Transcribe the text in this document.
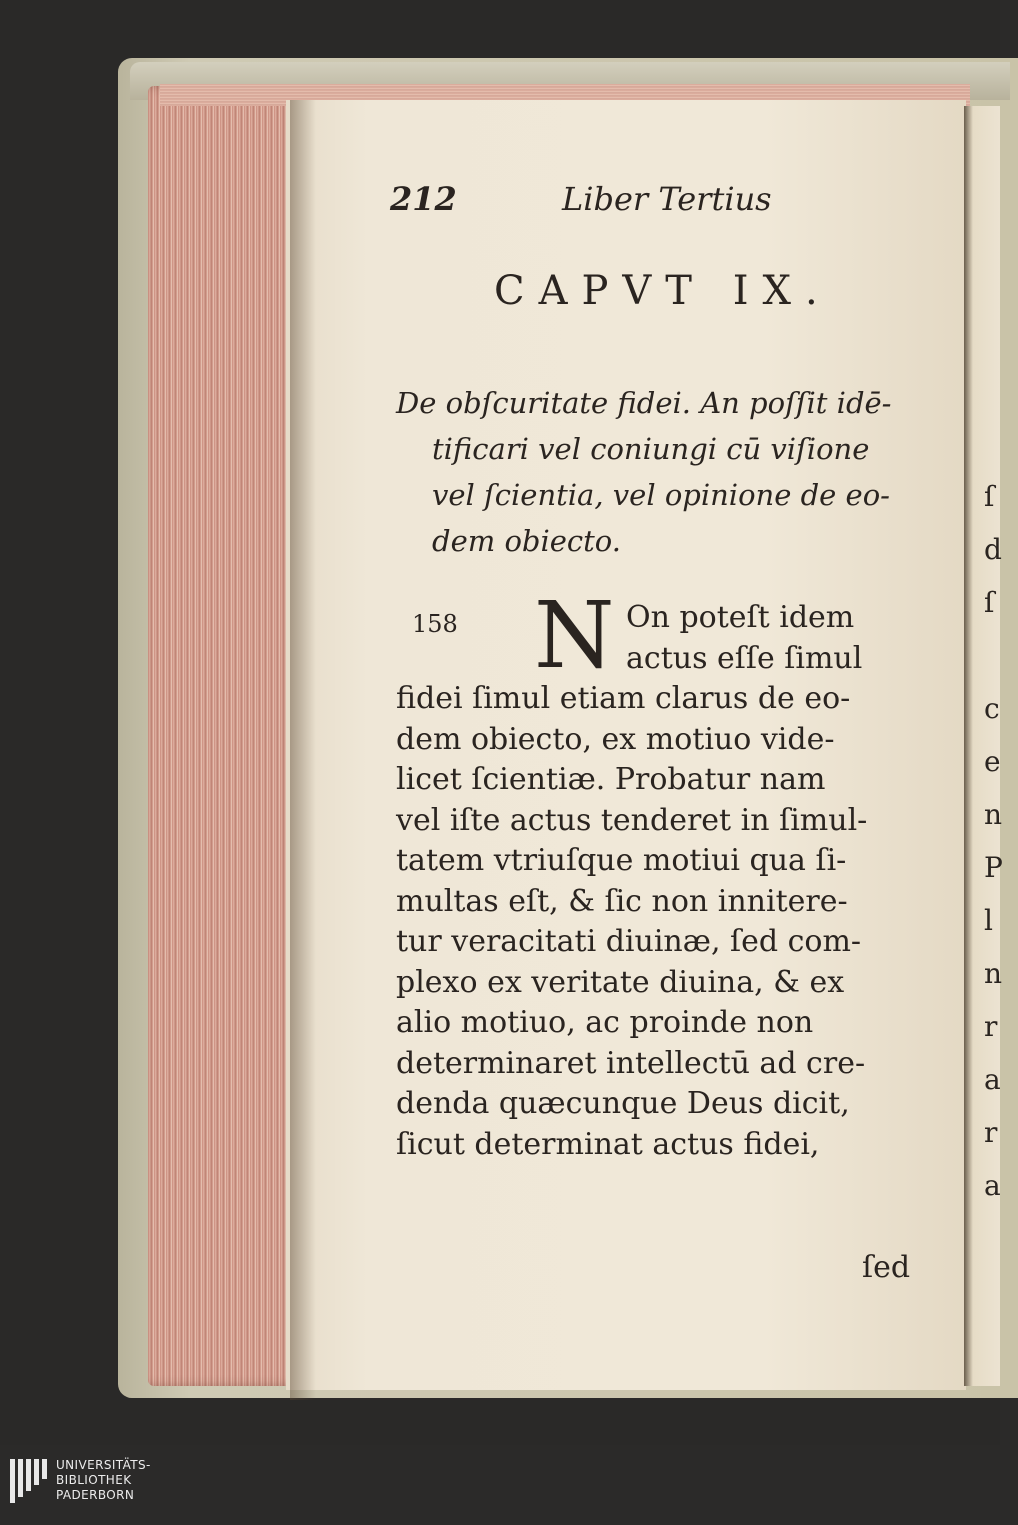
212	Liber Tertius
CAPVT IX.
De obſcuritate fidei. An poſſit idē-
tificari vel coniungi cū viſione
vel ſcientia, vel opinione de eo-
dem obiecto.
158 N On poteſt idem
actus eſſe ſimul
fidei ſimul etiam clarus de eo-
dem obiecto, ex motiuo vide-
licet ſcientiæ. Probatur nam
vel iſte actus tenderet in ſimul-
tatem vtriuſque motiui qua ſi-
multas eſt, & ſic non innitere-
tur veracitati diuinæ, ſed com-
plexo ex veritate diuina, & ex
alio motiuo, ac proinde non
determinaret intellectū ad cre-
denda quæcunque Deus dicit,
ſicut determinat actus fidei,
ſed
ſ
d
ſ
c
e
n
P
l
n
r
a
r
a
UNIVERSITÄTS-
BIBLIOTHEK
PADERBORN
